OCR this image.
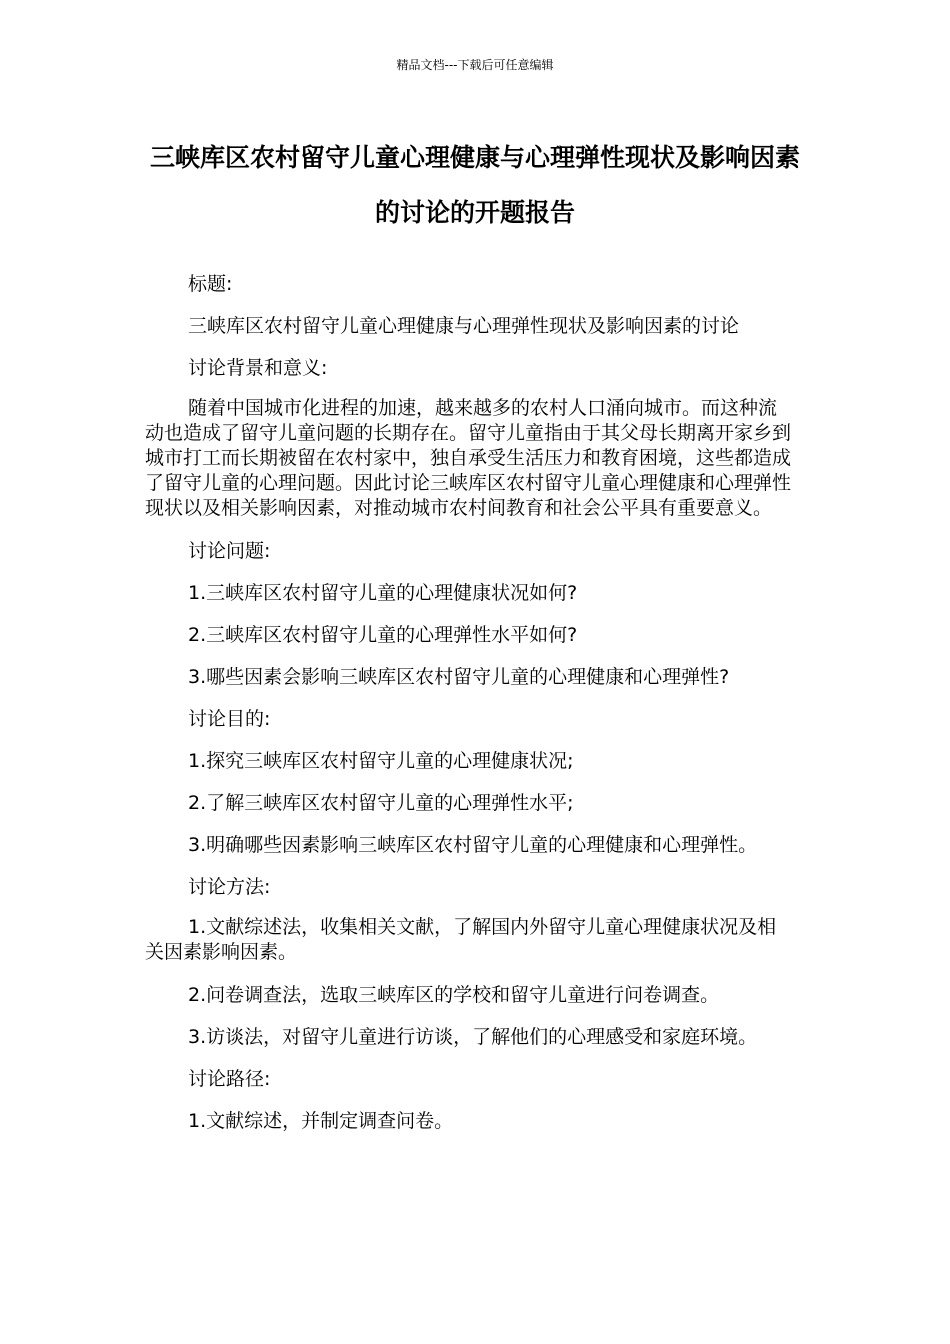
精品文档---下载后可任意编辑
三峡库区农村留守儿童心理健康与心理弹性现状及影响因素的讨论的开题报告

标题:

三峡库区农村留守儿童心理健康与心理弹性现状及影响因素的讨论

讨论背景和意义:

随着中国城市化进程的加速，越来越多的农村人口涌向城市。而这种流动也造成了留守儿童问题的长期存在。留守儿童指由于其父母长期离开家乡到城市打工而长期被留在农村家中，独自承受生活压力和教育困境，这些都造成了留守儿童的心理问题。因此讨论三峡库区农村留守儿童心理健康和心理弹性现状以及相关影响因素，对推动城市农村间教育和社会公平具有重要意义。

讨论问题:

1.三峡库区农村留守儿童的心理健康状况如何?

2.三峡库区农村留守儿童的心理弹性水平如何?

3.哪些因素会影响三峡库区农村留守儿童的心理健康和心理弹性?

讨论目的:

1.探究三峡库区农村留守儿童的心理健康状况;

2.了解三峡库区农村留守儿童的心理弹性水平;

3.明确哪些因素影响三峡库区农村留守儿童的心理健康和心理弹性。

讨论方法:

1.文献综述法，收集相关文献，了解国内外留守儿童心理健康状况及相关因素影响因素。

2.问卷调查法，选取三峡库区的学校和留守儿童进行问卷调查。

3.访谈法，对留守儿童进行访谈，了解他们的心理感受和家庭环境。

讨论路径:

1.文献综述，并制定调查问卷。
